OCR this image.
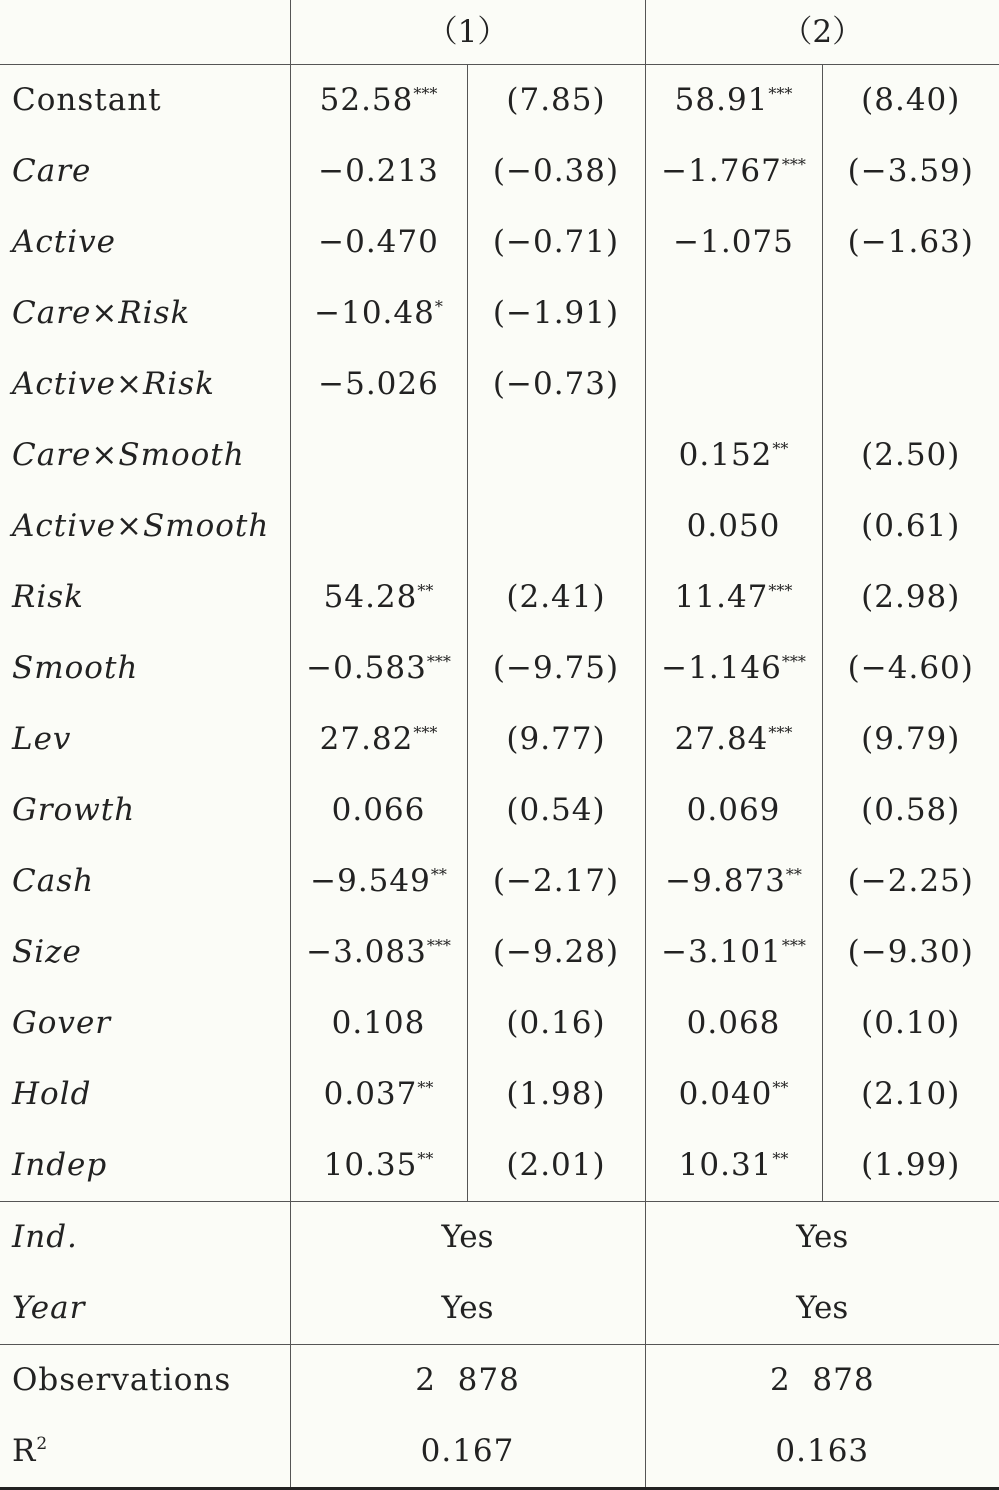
	（1）		（2）	
Constant	52.58***	(7.85)	58.91***	(8.40)
Care	−0.213	(−0.38)	−1.767***	(−3.59)
Active	−0.470	(−0.71)	−1.075	(−1.63)
Care×Risk	−10.48*	(−1.91)		
Active×Risk	−5.026	(−0.73)		
Care×Smooth			0.152**	(2.50)
Active×Smooth			0.050	(0.61)
Risk	54.28**	(2.41)	11.47***	(2.98)
Smooth	−0.583***	(−9.75)	−1.146***	(−4.60)
Lev	27.82***	(9.77)	27.84***	(9.79)
Growth	0.066	(0.54)	0.069	(0.58)
Cash	−9.549**	(−2.17)	−9.873**	(−2.25)
Size	−3.083***	(−9.28)	−3.101***	(−9.30)
Gover	0.108	(0.16)	0.068	(0.10)
Hold	0.037**	(1.98)	0.040**	(2.10)
Indep	10.35**	(2.01)	10.31**	(1.99)
Ind.	Yes		Yes	
Year	Yes		Yes	
Observations	2  878		2  878	
$R^2$	0.167		0.163	
